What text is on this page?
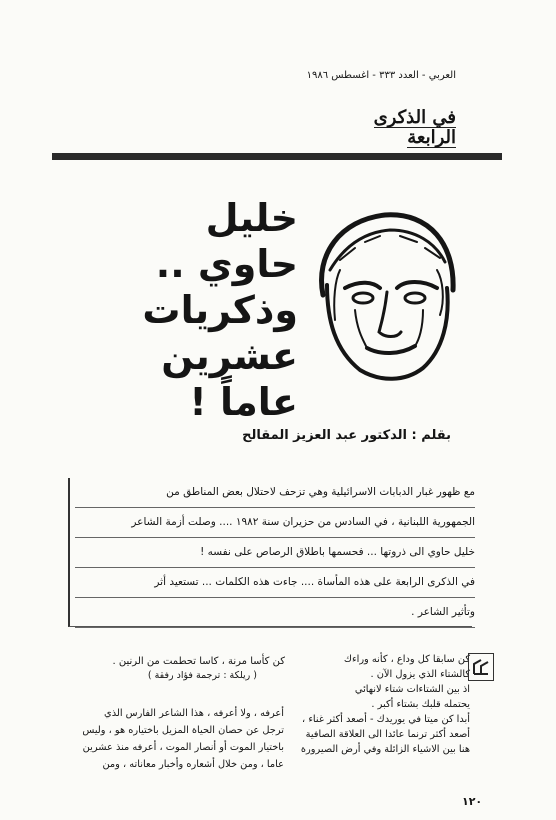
العربي - العدد ٣٣٣ - اغسطس ١٩٨٦
في الذكرى
الرابعة
خليل
حاوي ..
وذكريات
عشرين
عاماً !
بقلم : الدكتور عبد العزيز المقالح

مع ظهور غبار الدبابات الاسرائيلية وهي تزحف لاحتلال بعض المناطق من

الجمهورية اللبنانية ، في السادس من حزيران سنة ١٩٨٢ .... وصلت أزمة الشاعر

خليل حاوي الى ذروتها ... فحسمها باطلاق الرصاص على نفسه !

في الذكرى الرابعة على هذه المأساة .... جاءت هذه الكلمات ... تستعيد أثر

وتأثير الشاعر .

كن كأسا مرنة ، كاسا تحطمت من الرنين .
( ريلكة : ترجمة فؤاد رفقة )

أعرفه ، ولا أعرفه ، هذا الشاعر الفارس الذي

ترجل عن حصان الحياة المزيل باختياره هو ، وليس

باختيار الموت أو أنصار الموت ، أعرفه منذ عشرين

عاما ، ومن خلال أشعاره وأخبار معاناته ، ومن

كن سابقا كل وداع ، كأنه وراءك

كالشتاء الذي يزول الآن .

اذ بين الشتاءات شتاء لانهائي

يحتمله قلبك بشتاء أكبر .

أبدا كن ميتا في يوريدك - أصعد أكثر غناء ،

أصعد أكثر ترنما عائدا الى العلاقة الصافية

هنا بين الاشياء الزائلة وفي أرض الصيرورة

١٢٠
